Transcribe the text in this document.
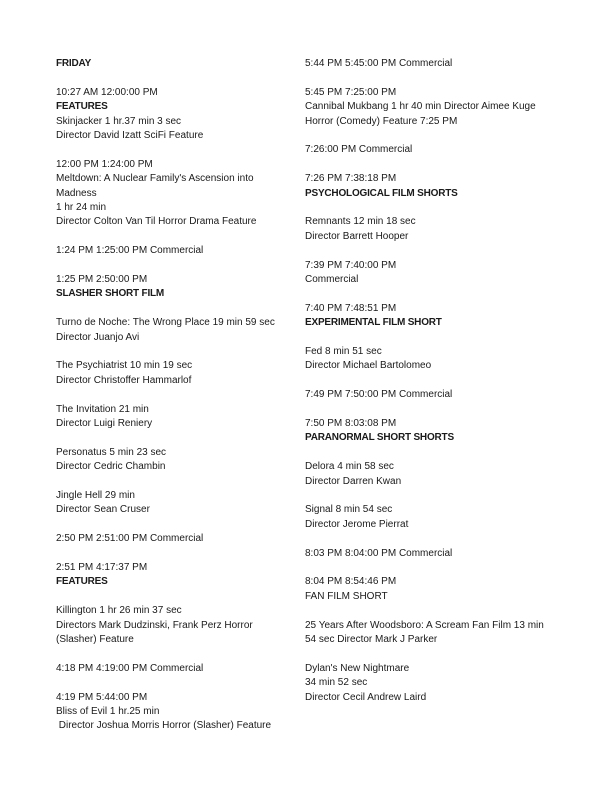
FRIDAY
10:27 AM 12:00:00 PM
FEATURES
Skinjacker 1 hr.37 min 3 sec
Director David Izatt SciFi Feature
12:00 PM 1:24:00 PM
Meltdown: A Nuclear Family's Ascension into
Madness
1 hr 24 min
Director Colton Van Til Horror Drama Feature
1:24 PM 1:25:00 PM Commercial
1:25 PM 2:50:00 PM
SLASHER SHORT FILM
Turno de Noche: The Wrong Place 19 min 59 sec
Director Juanjo Avi
The Psychiatrist 10 min 19 sec
Director Christoffer Hammarlof
The Invitation 21 min
Director Luigi Reniery
Personatus 5 min 23 sec
Director Cedric Chambin
Jingle Hell 29 min
Director Sean Cruser
2:50 PM 2:51:00 PM Commercial
2:51 PM 4:17:37 PM
FEATURES
Killington 1 hr 26 min 37 sec
Directors Mark Dudzinski, Frank Perz Horror
(Slasher) Feature
4:18 PM 4:19:00 PM Commercial
4:19 PM 5:44:00 PM
Bliss of Evil 1 hr.25 min
Director Joshua Morris Horror (Slasher) Feature
5:44 PM 5:45:00 PM Commercial
5:45 PM 7:25:00 PM
Cannibal Mukbang 1 hr 40 min Director Aimee Kuge
Horror (Comedy) Feature 7:25 PM
7:26:00 PM Commercial
7:26 PM 7:38:18 PM
PSYCHOLOGICAL FILM SHORTS
Remnants 12 min 18 sec
Director Barrett Hooper
7:39 PM 7:40:00 PM
Commercial
7:40 PM 7:48:51 PM
EXPERIMENTAL FILM SHORT
Fed 8 min 51 sec
Director Michael Bartolomeo
7:49 PM 7:50:00 PM Commercial
7:50 PM 8:03:08 PM
PARANORMAL SHORT SHORTS
Delora 4 min 58 sec
Director Darren Kwan
Signal 8 min 54 sec
Director Jerome Pierrat
8:03 PM 8:04:00 PM Commercial
8:04 PM 8:54:46 PM
FAN FILM SHORT
25 Years After Woodsboro: A Scream Fan Film 13 min
54 sec Director Mark J Parker
Dylan's New Nightmare
34 min 52 sec
Director Cecil Andrew Laird
